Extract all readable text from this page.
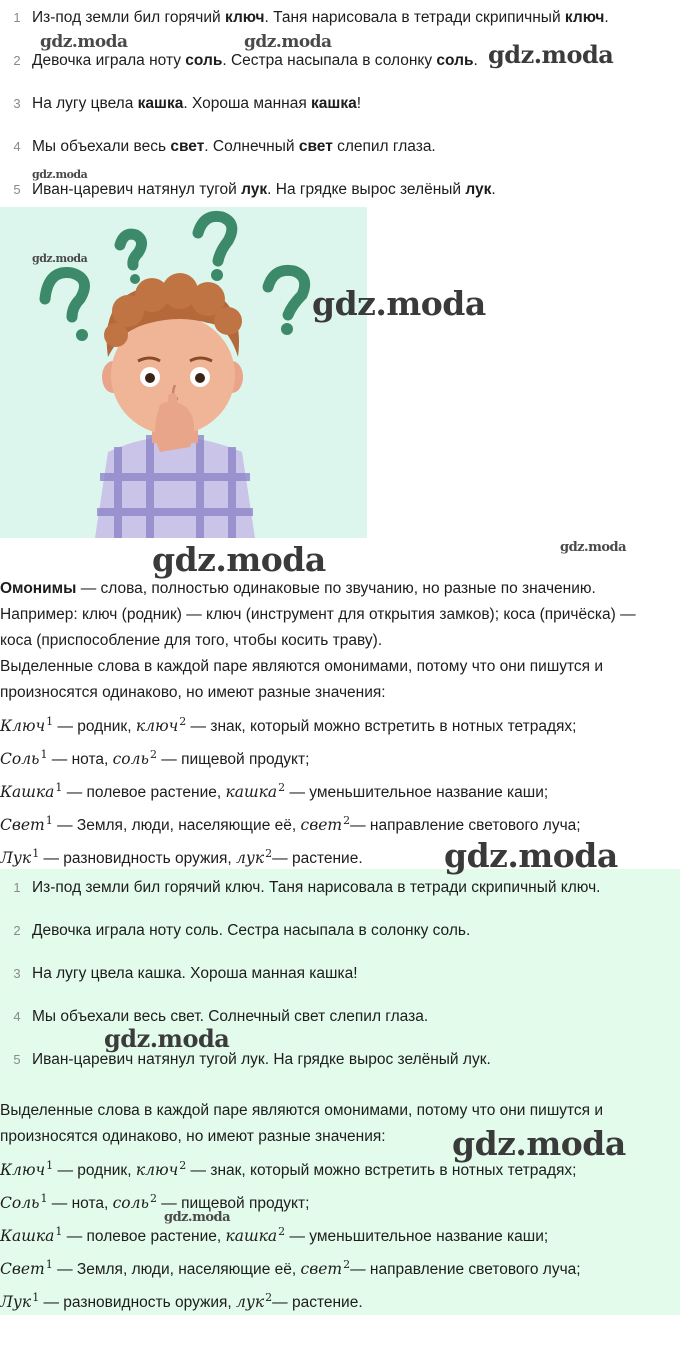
1 Из-под земли бил горячий ключ. Таня нарисовала в тетради скрипичный ключ.
2 Девочка играла ноту соль. Сестра насыпала в солонку соль.
3 На лугу цвела кашка. Хороша манная кашка!
4 Мы объехали весь свет. Солнечный свет слепил глаза.
5 Иван-царевич натянул тугой лук. На грядке вырос зелёный лук.
Омонимы — слова, полностью одинаковые по звучанию, но разные по значению.
Например: ключ (родник) — ключ (инструмент для открытия замков); коса (причёска) —
коса (приспособление для того, чтобы косить траву).
Выделенные слова в каждой паре являются омонимами, потому что они пишутся и
произносятся одинаково, но имеют разные значения:
Ключ$^1$ — родник, ключ$^2$ — знак, который можно встретить в нотных тетрадях;
Соль$^1$ — нота, соль$^2$ — пищевой продукт;
Кашка$^1$ — полевое растение, кашка$^2$ — уменьшительное название каши;
Свет$^1$ — Земля, люди, населяющие её, свет$^2$— направление светового луча;
Лук$^1$ — разновидность оружия, лук$^2$— растение.
1 Из-под земли бил горячий ключ. Таня нарисовала в тетради скрипичный ключ.
2 Девочка играла ноту соль. Сестра насыпала в солонку соль.
3 На лугу цвела кашка. Хороша манная кашка!
4 Мы объехали весь свет. Солнечный свет слепил глаза.
5 Иван-царевич натянул тугой лук. На грядке вырос зелёный лук.
Выделенные слова в каждой паре являются омонимами, потому что они пишутся и
произносятся одинаково, но имеют разные значения:
Ключ$^1$ — родник, ключ$^2$ — знак, который можно встретить в нотных тетрадях;
Соль$^1$ — нота, соль$^2$ — пищевой продукт;
Кашка$^1$ — полевое растение, кашка$^2$ — уменьшительное название каши;
Свет$^1$ — Земля, люди, населяющие её, свет$^2$— направление светового луча;
Лук$^1$ — разновидность оружия, лук$^2$— растение.
gdz.moda	gdz.moda	gdz.moda
gdz.moda
gdz.moda
gdz.moda
gdz.moda	gdz.moda
gdz.moda
gdz.moda
gdz.moda
gdz.moda
